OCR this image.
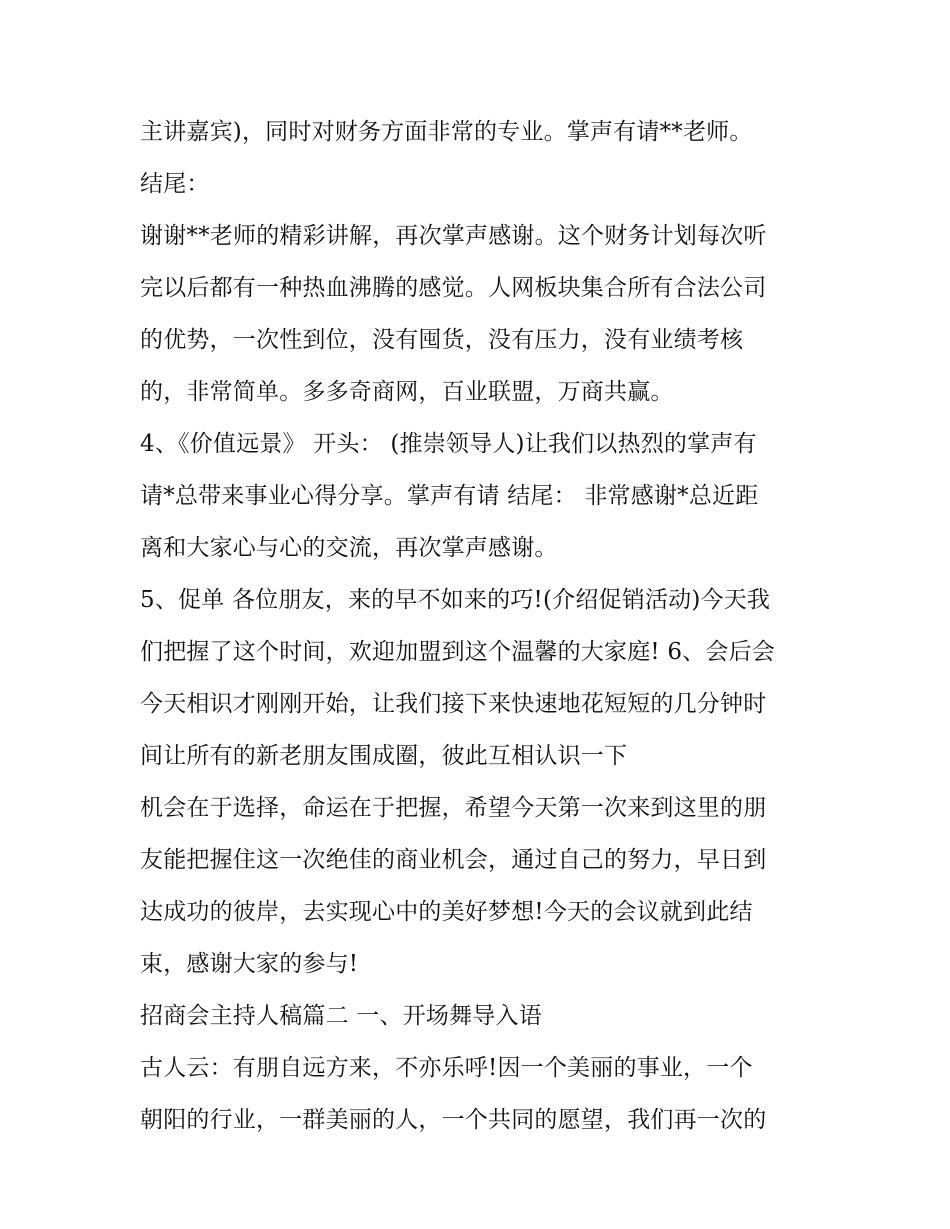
主讲嘉宾)，同时对财务方面非常的专业。掌声有请**老师。
结尾：
谢谢**老师的精彩讲解，再次掌声感谢。这个财务计划每次听
完以后都有一种热血沸腾的感觉。人网板块集合所有合法公司
的优势，一次性到位，没有囤货，没有压力，没有业绩考核
的，非常简单。多多奇商网，百业联盟，万商共赢。
4、《价值远景》 开头： (推崇领导人)让我们以热烈的掌声有
请*总带来事业心得分享。掌声有请 结尾： 非常感谢*总近距
离和大家心与心的交流，再次掌声感谢。
5、促单 各位朋友，来的早不如来的巧!(介绍促销活动)今天我
们把握了这个时间，欢迎加盟到这个温馨的大家庭! 6、会后会
今天相识才刚刚开始，让我们接下来快速地花短短的几分钟时
间让所有的新老朋友围成圈，彼此互相认识一下
机会在于选择，命运在于把握，希望今天第一次来到这里的朋
友能把握住这一次绝佳的商业机会，通过自己的努力，早日到
达成功的彼岸，去实现心中的美好梦想!今天的会议就到此结
束，感谢大家的参与!
招商会主持人稿篇二 一、开场舞导入语
古人云：有朋自远方来，不亦乐呼!因一个美丽的事业，一个
朝阳的行业，一群美丽的人，一个共同的愿望，我们再一次的
